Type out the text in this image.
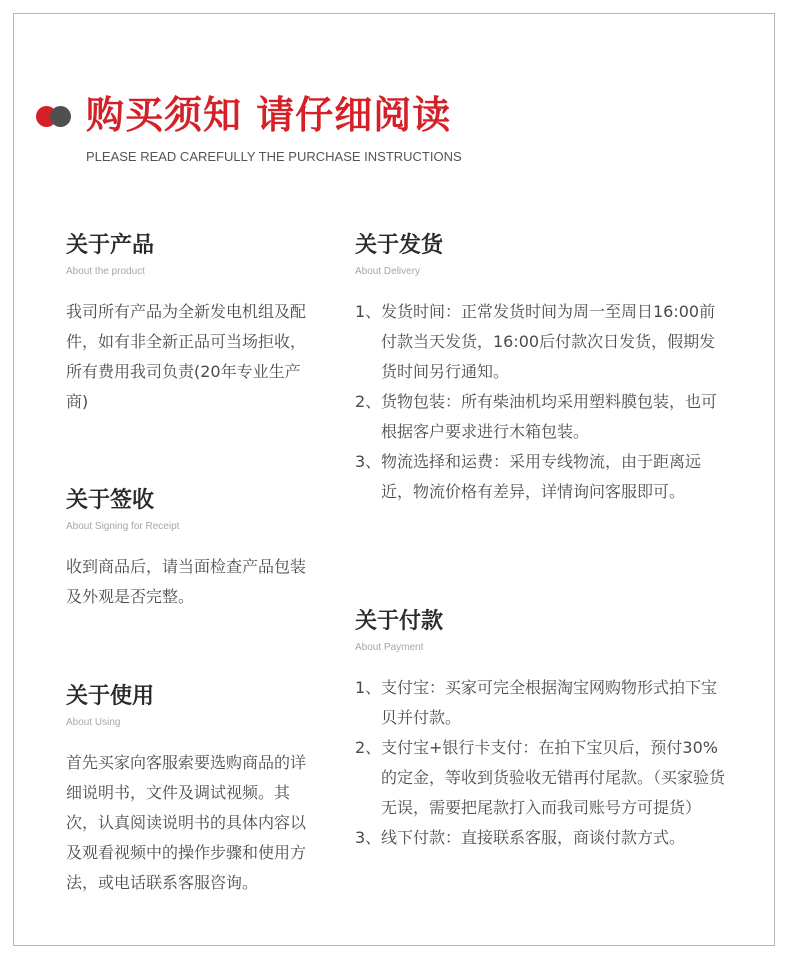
购买须知 请仔细阅读
PLEASE READ CAREFULLY THE PURCHASE INSTRUCTIONS
关于产品
About the product

我司所有产品为全新发电机组及配件，如有非全新正品可当场拒收，所有费用我司负责(20年专业生产商)

关于签收
About Signing for Receipt

收到商品后，请当面检查产品包装及外观是否完整。

关于使用
About Using

首先买家向客服索要选购商品的详细说明书，文件及调试视频。其次，认真阅读说明书的具体内容以及观看视频中的操作步骤和使用方法，或电话联系客服咨询。

关于发货
About Delivery
1、 发货时间：正常发货时间为周一至周日16:00前付款当天发货，16:00后付款次日发货，假期发货时间另行通知。
2、 货物包装：所有柴油机均采用塑料膜包装，也可根据客户要求进行木箱包装。
3、 物流选择和运费：采用专线物流，由于距离远近，物流价格有差异，详情询问客服即可。
关于付款
About Payment
1、 支付宝：买家可完全根据淘宝网购物形式拍下宝贝并付款。
2、 支付宝+银行卡支付：在拍下宝贝后，预付30%的定金，等收到货验收无错再付尾款。（买家验货无误，需要把尾款打入而我司账号方可提货）
3、 线下付款：直接联系客服，商谈付款方式。
